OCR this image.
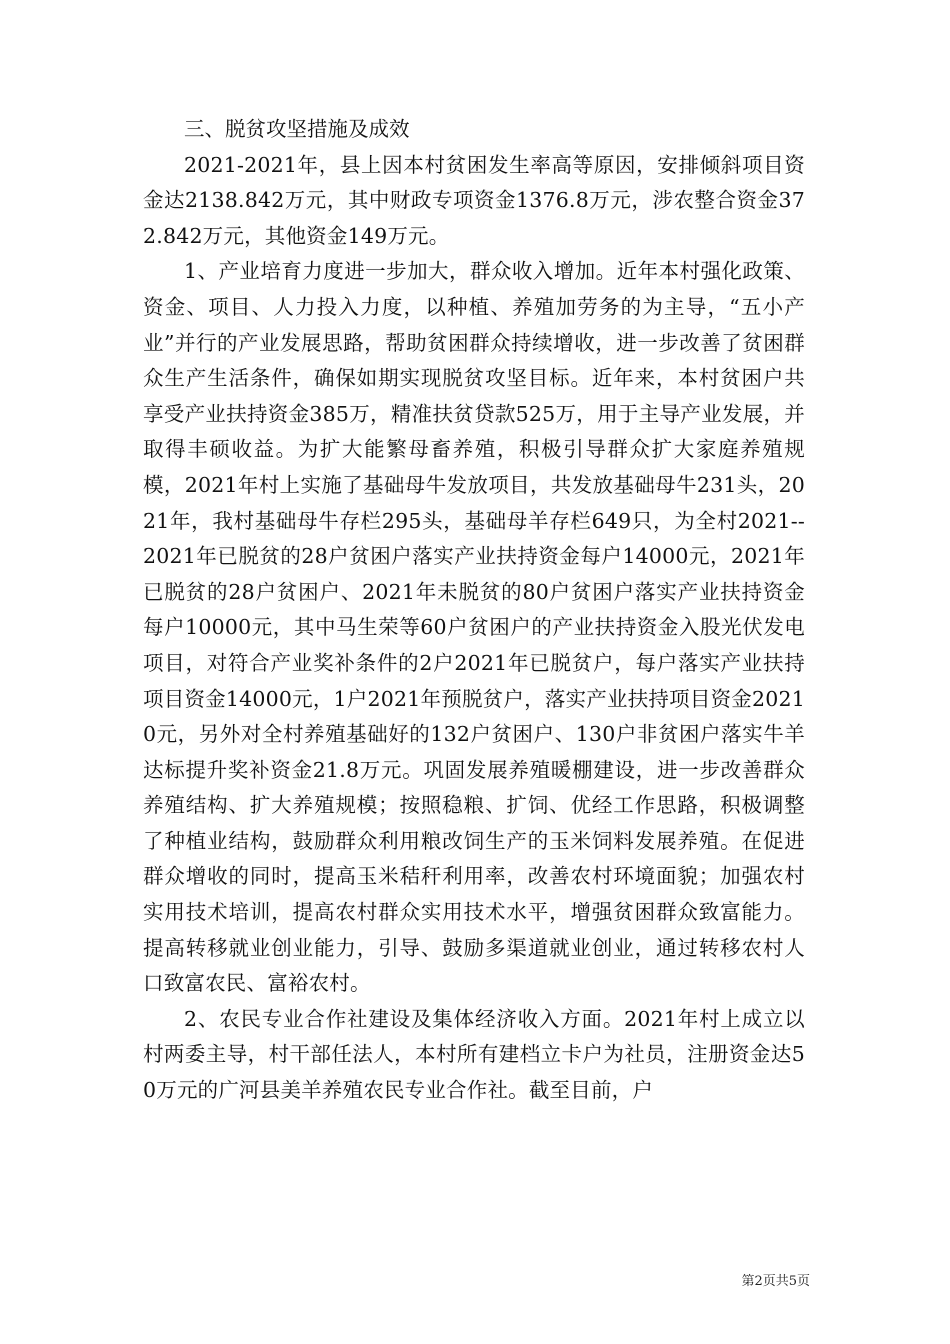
三、脱贫攻坚措施及成效

2021-2021年，县上因本村贫困发生率高等原因，安排倾斜项目资金达2138.842万元，其中财政专项资金1376.8万元，涉农整合资金372.842万元，其他资金149万元。

1、产业培育力度进一步加大，群众收入增加。近年本村强化政策、资金、项目、人力投入力度，以种植、养殖加劳务的为主导，“五小产业”并行的产业发展思路，帮助贫困群众持续增收，进一步改善了贫困群众生产生活条件，确保如期实现脱贫攻坚目标。近年来，本村贫困户共享受产业扶持资金385万，精准扶贫贷款525万，用于主导产业发展，并取得丰硕收益。为扩大能繁母畜养殖，积极引导群众扩大家庭养殖规模，2021年村上实施了基础母牛发放项目，共发放基础母牛231头，2021年，我村基础母牛存栏295头，基础母羊存栏649只，为全村2021--2021年已脱贫的28户贫困户落实产业扶持资金每户14000元，2021年已脱贫的28户贫困户、2021年未脱贫的80户贫困户落实产业扶持资金每户10000元，其中马生荣等60户贫困户的产业扶持资金入股光伏发电项目，对符合产业奖补条件的2户2021年已脱贫户，每户落实产业扶持项目资金14000元，1户2021年预脱贫户，落实产业扶持项目资金20210元，另外对全村养殖基础好的132户贫困户、130户非贫困户落实牛羊达标提升奖补资金21.8万元。巩固发展养殖暖棚建设，进一步改善群众养殖结构、扩大养殖规模；按照稳粮、扩饲、优经工作思路，积极调整了种植业结构，鼓励群众利用粮改饲生产的玉米饲料发展养殖。在促进群众增收的同时，提高玉米秸秆利用率，改善农村环境面貌；加强农村实用技术培训，提高农村群众实用技术水平，增强贫困群众致富能力。提高转移就业创业能力，引导、鼓励多渠道就业创业，通过转移农村人口致富农民、富裕农村。

2、农民专业合作社建设及集体经济收入方面。2021年村上成立以村两委主导，村干部任法人，本村所有建档立卡户为社员，注册资金达50万元的广河县美羊养殖农民专业合作社。截至目前，户

第2页共5页
